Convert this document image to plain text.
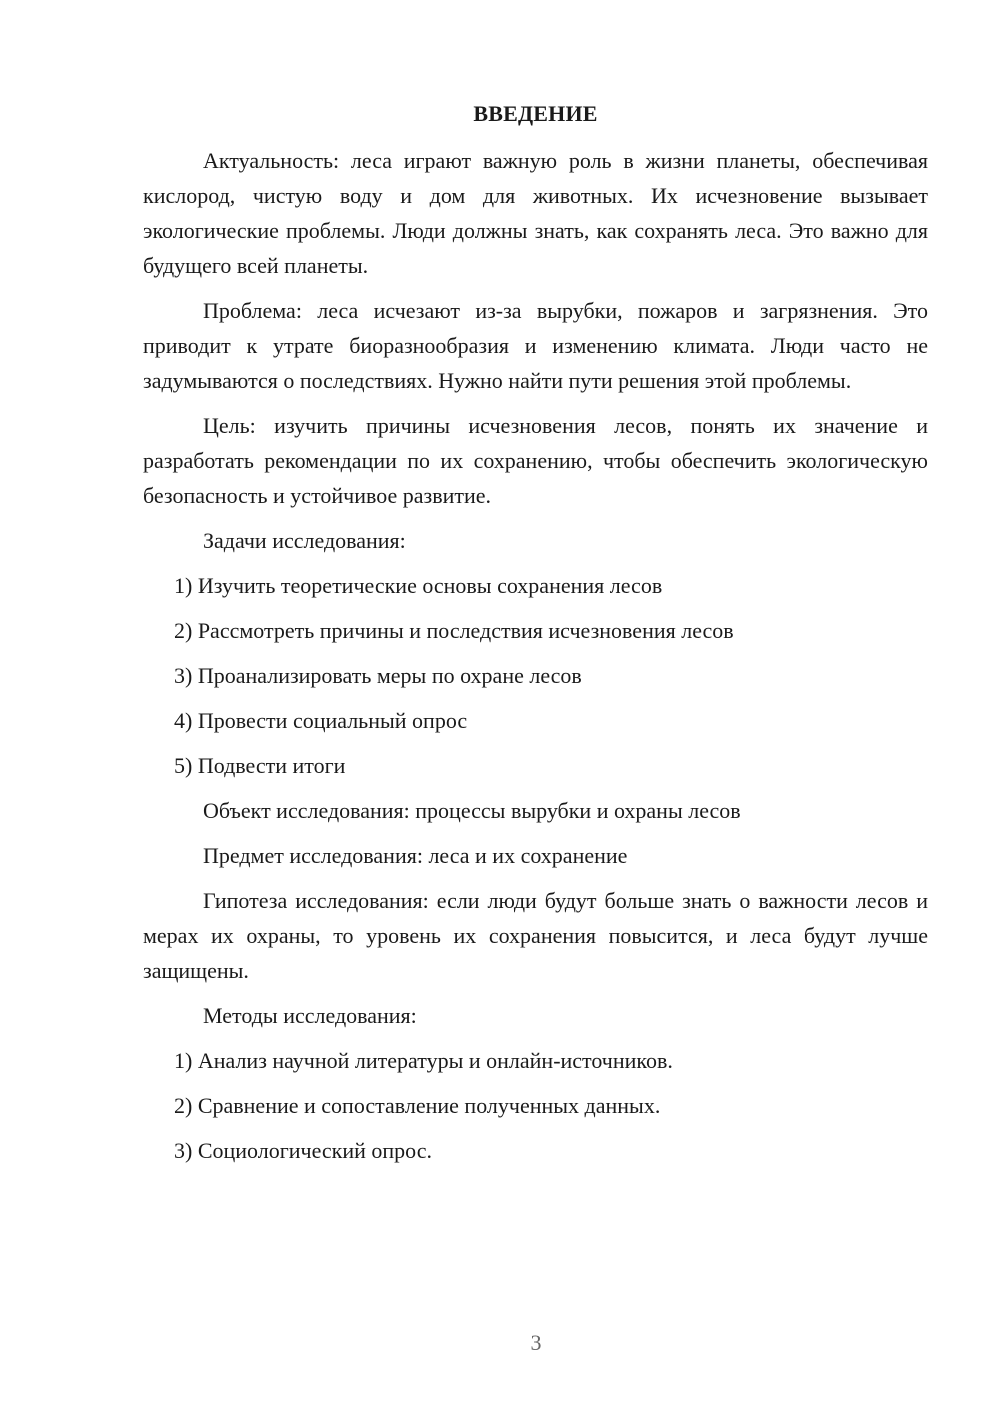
ВВЕДЕНИЕ
Актуальность: леса играют важную роль в жизни планеты, обеспечивая кислород, чистую воду и дом для животных. Их исчезновение вызывает экологические проблемы. Люди должны знать, как сохранять леса. Это важно для будущего всей планеты.
Проблема: леса исчезают из-за вырубки, пожаров и загрязнения. Это приводит к утрате биоразнообразия и изменению климата. Люди часто не задумываются о последствиях. Нужно найти пути решения этой проблемы.
Цель: изучить причины исчезновения лесов, понять их значение и разработать рекомендации по их сохранению, чтобы обеспечить экологическую безопасность и устойчивое развитие.
Задачи исследования:
1) Изучить теоретические основы сохранения лесов
2) Рассмотреть причины и последствия исчезновения лесов
3) Проанализировать меры по охране лесов
4) Провести социальный опрос
5) Подвести итоги
Объект исследования: процессы вырубки и охраны лесов
Предмет исследования: леса и их сохранение
Гипотеза исследования: если люди будут больше знать о важности лесов и мерах их охраны, то уровень их сохранения повысится, и леса будут лучше защищены.
Методы исследования:
1) Анализ научной литературы и онлайн-источников.
2) Сравнение и сопоставление полученных данных.
3) Социологический опрос.
3
